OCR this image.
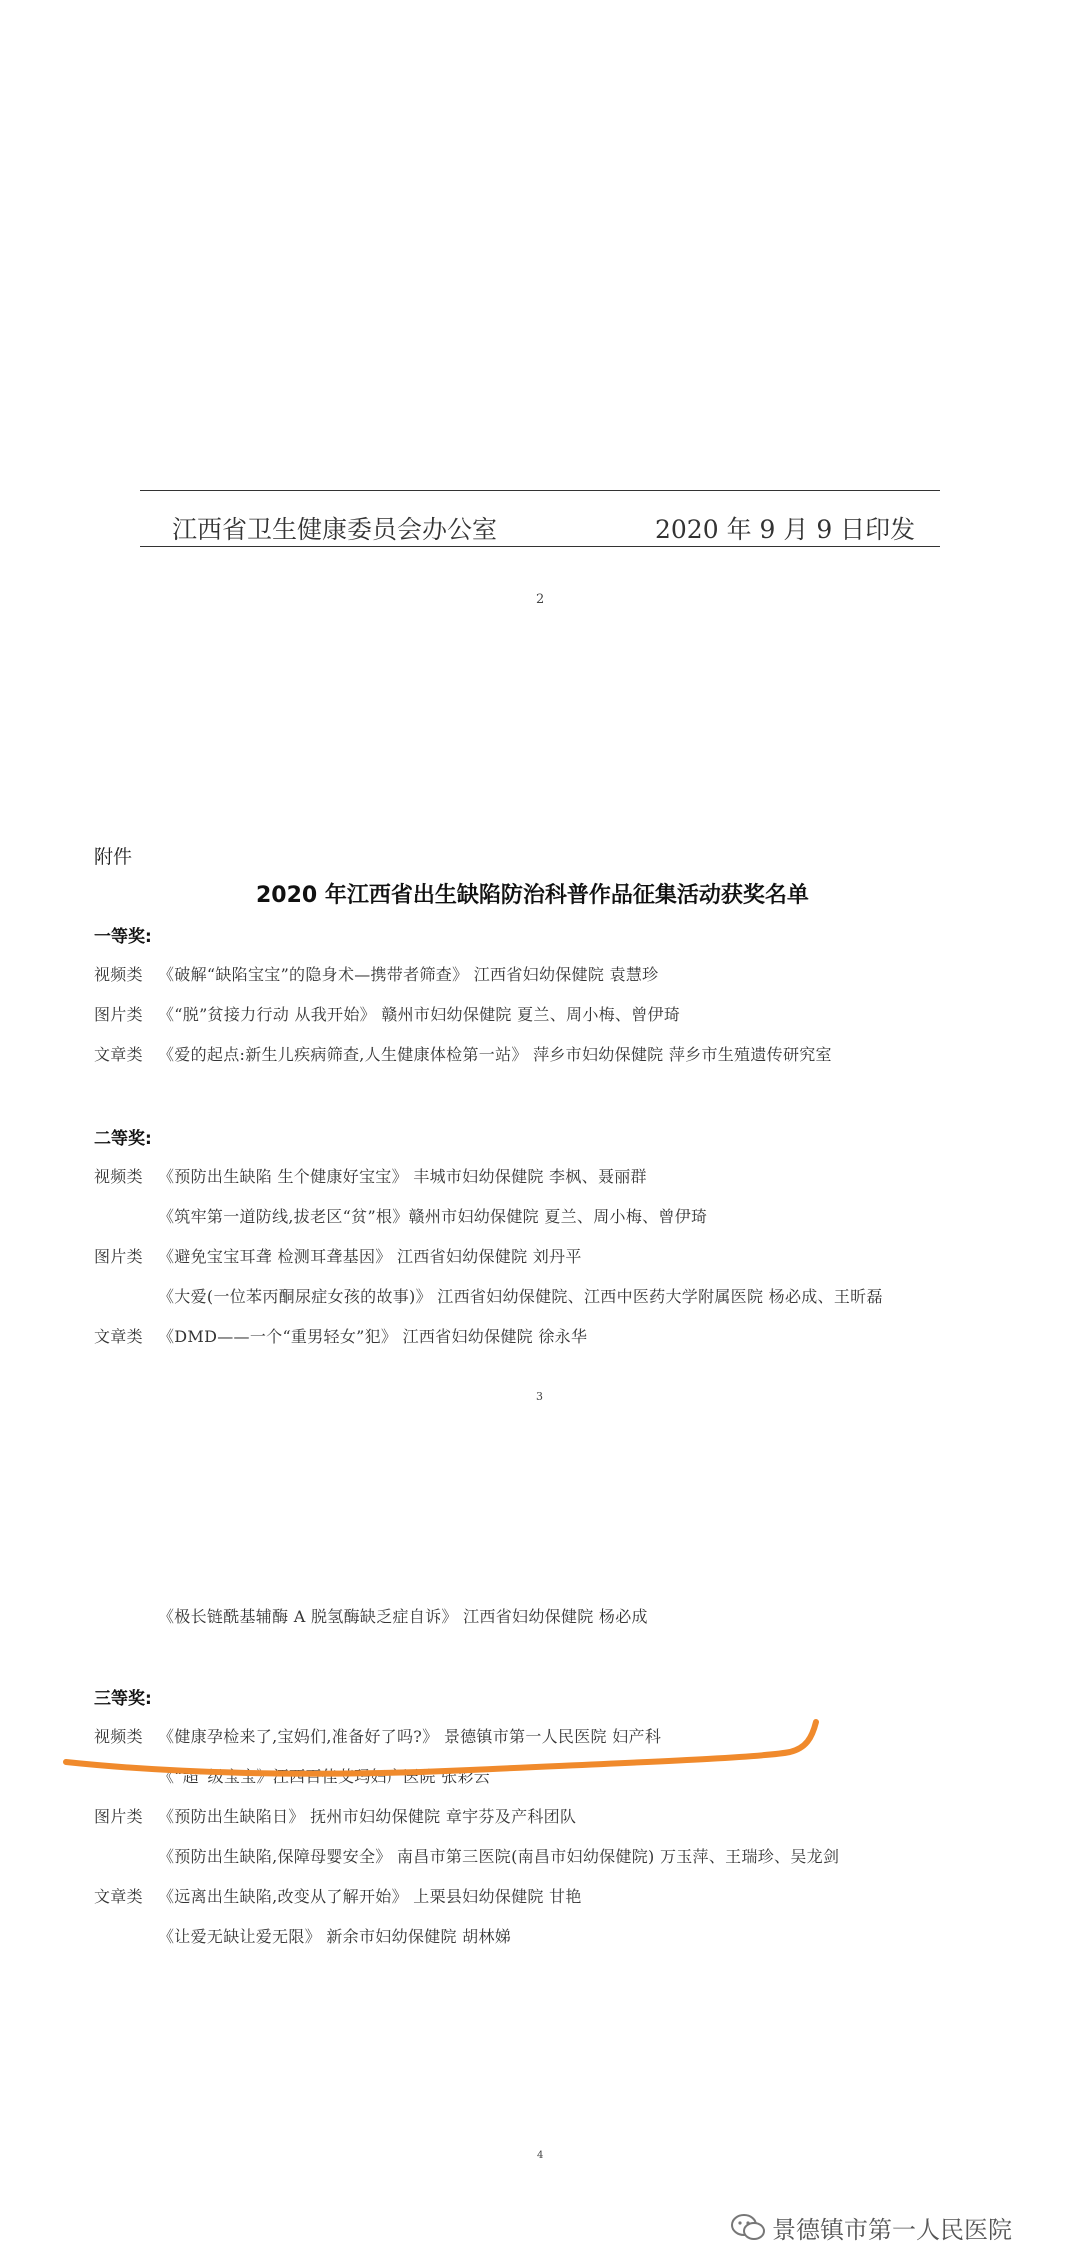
江西省卫生健康委员会办公室	2020 年 9 月 9 日印发
2
附件
2020 年江西省出生缺陷防治科普作品征集活动获奖名单
一等奖:
视频类 《破解“缺陷宝宝”的隐身术—携带者筛查》 江西省妇幼保健院 袁慧珍
图片类 《“脱”贫接力行动 从我开始》 赣州市妇幼保健院 夏兰、周小梅、曾伊琦
文章类 《爱的起点:新生儿疾病筛查,人生健康体检第一站》 萍乡市妇幼保健院 萍乡市生殖遗传研究室
二等奖:
视频类 《预防出生缺陷 生个健康好宝宝》 丰城市妇幼保健院 李枫、聂丽群
《筑牢第一道防线,拔老区“贫”根》赣州市妇幼保健院 夏兰、周小梅、曾伊琦
图片类 《避免宝宝耳聋 检测耳聋基因》 江西省妇幼保健院 刘丹平
《大爱(一位苯丙酮尿症女孩的故事)》 江西省妇幼保健院、江西中医药大学附属医院 杨必成、王昕磊
文章类 《DMD——一个“重男轻女”犯》 江西省妇幼保健院 徐永华
3
《极长链酰基辅酶 A 脱氢酶缺乏症自诉》 江西省妇幼保健院 杨必成
三等奖:
视频类 《健康孕检来了,宝妈们,准备好了吗?》 景德镇市第一人民医院 妇产科
《“超”级宝宝》江西百佳艾玛妇产医院 张彩云
图片类 《预防出生缺陷日》 抚州市妇幼保健院 章宇芬及产科团队
《预防出生缺陷,保障母婴安全》 南昌市第三医院(南昌市妇幼保健院) 万玉萍、王瑞珍、吴龙剑
文章类 《远离出生缺陷,改变从了解开始》 上栗县妇幼保健院 甘艳
《让爱无缺让爱无限》 新余市妇幼保健院 胡林娣
4
景德镇市第一人民医院
